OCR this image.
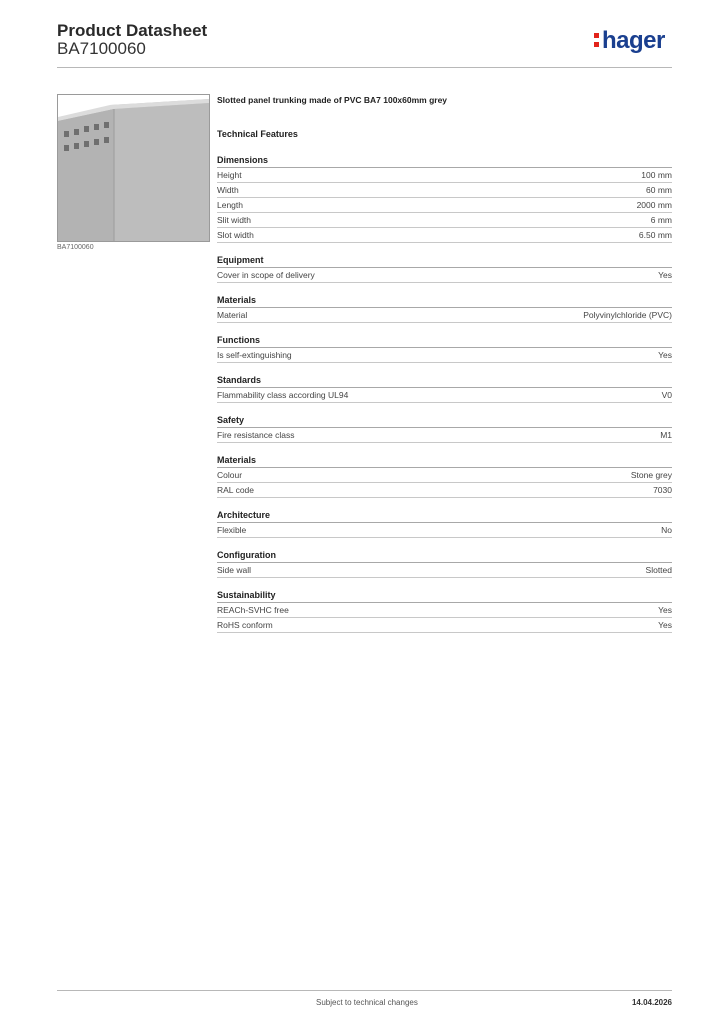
Product Datasheet
BA7100060	hager
BA7100060
Slotted panel trunking made of PVC BA7 100x60mm grey
Technical Features
Dimensions
Height	100 mm
Width	60 mm
Length	2000 mm
Slit width	6 mm
Slot width	6.50 mm
Equipment
Cover in scope of delivery	Yes
Materials
Material	Polyvinylchloride (PVC)
Functions
Is self-extinguishing	Yes
Standards
Flammability class according UL94	V0
Safety
Fire resistance class	M1
Materials
Colour	Stone grey
RAL code	7030
Architecture
Flexible	No
Configuration
Side wall	Slotted
Sustainability
REACh-SVHC free	Yes
RoHS conform	Yes
Subject to technical changes	14.04.2026
